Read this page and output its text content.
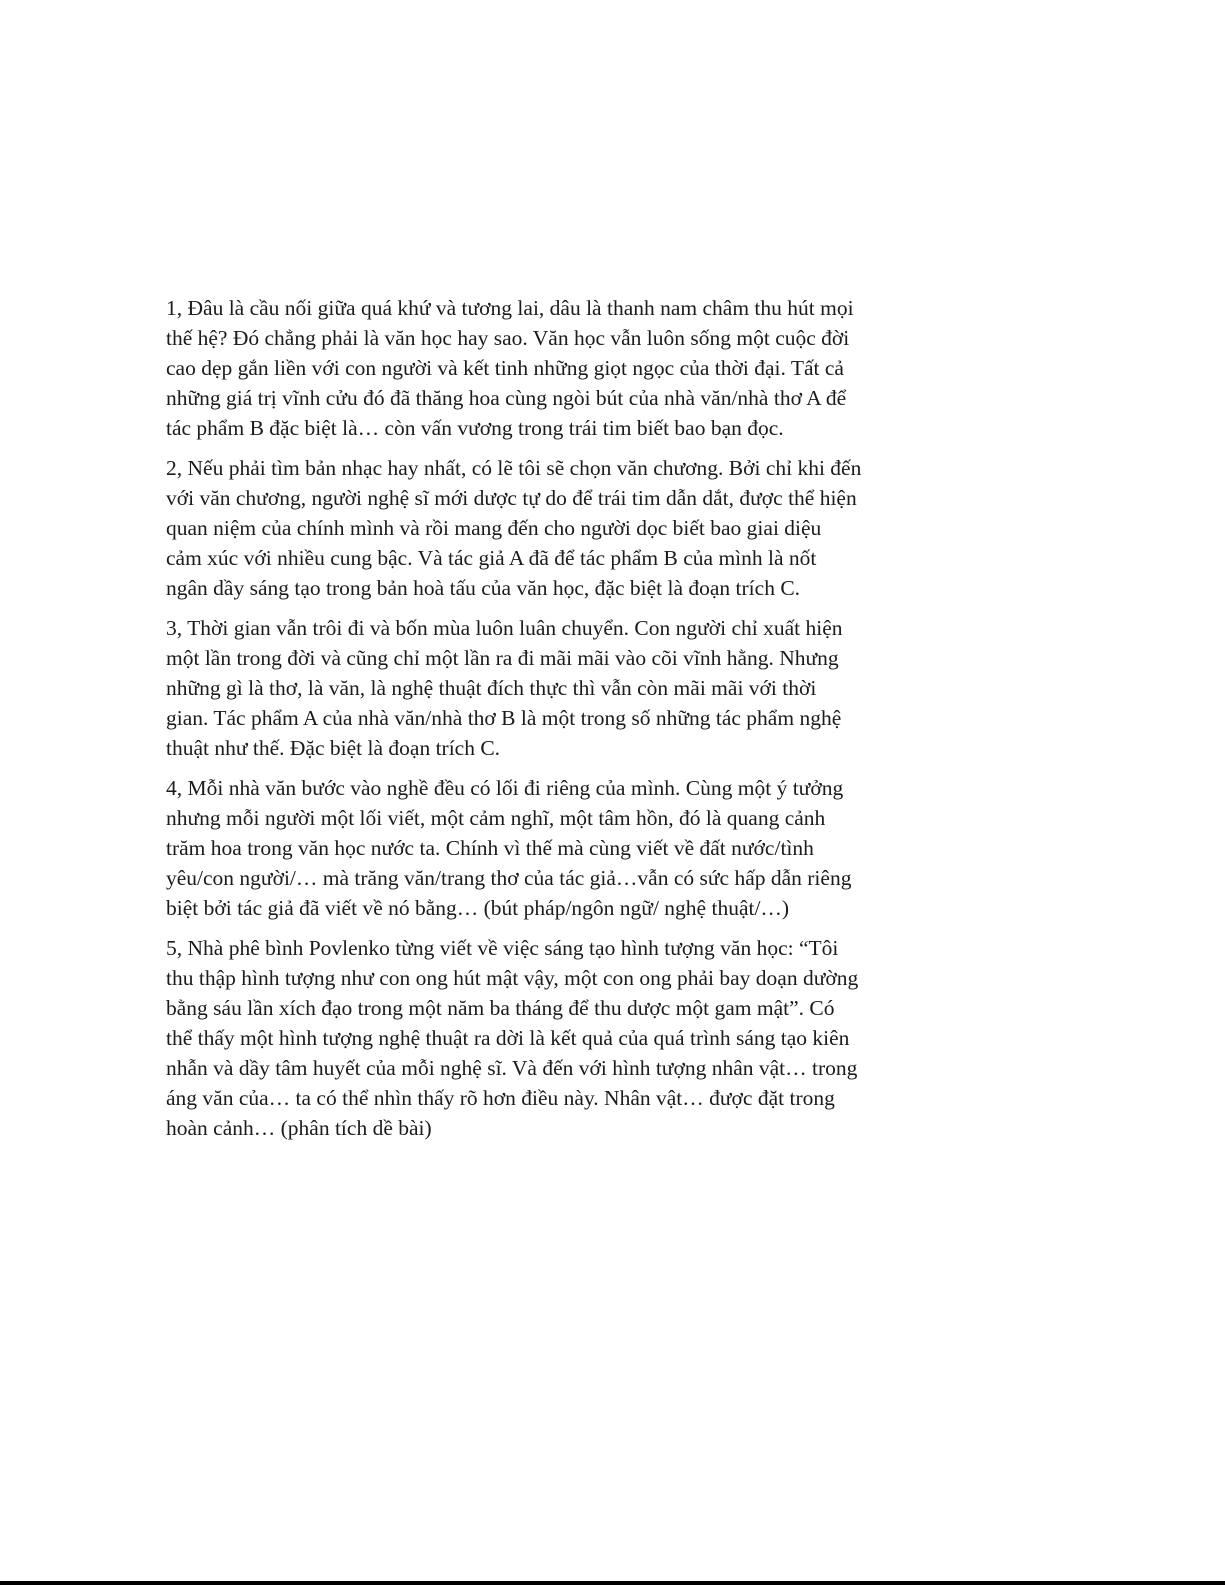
1, Đâu là cầu nối giữa quá khứ và tương lai, dâu là thanh nam châm thu hút mọi
thế hệ? Đó chẳng phải là văn học hay sao. Văn học vẫn luôn sống một cuộc đời
cao dẹp gắn liền với con người và kết tinh những giọt ngọc của thời đại. Tất cả
những giá trị vĩnh cửu đó đã thăng hoa cùng ngòi bút của nhà văn/nhà thơ A để
tác phẩm B đặc biệt là… còn vấn vương trong trái tim biết bao bạn đọc.

2, Nếu phải tìm bản nhạc hay nhất, có lẽ tôi sẽ chọn văn chương. Bởi chỉ khi đến
với văn chương, người nghệ sĩ mới dược tự do để trái tim dẫn dắt, được thể hiện
quan niệm của chính mình và rồi mang đến cho người dọc biết bao giai diệu
cảm xúc với nhiều cung bậc. Và tác giả A đã để tác phẩm B của mình là nốt
ngân dầy sáng tạo trong bản hoà tấu của văn học, đặc biệt là đoạn trích C.

3, Thời gian vẫn trôi đi và bốn mùa luôn luân chuyển. Con người chỉ xuất hiện
một lần trong đời và cũng chỉ một lần ra đi mãi mãi vào cõi vĩnh hằng. Nhưng
những gì là thơ, là văn, là nghệ thuật đích thực thì vẫn còn mãi mãi với thời
gian. Tác phẩm A của nhà văn/nhà thơ B là một trong số những tác phẩm nghệ
thuật như thế. Đặc biệt là đoạn trích C.

4, Mỗi nhà văn bước vào nghề đều có lối đi riêng của mình. Cùng một ý tưởng
nhưng mỗi người một lối viết, một cảm nghĩ, một tâm hồn, đó là quang cảnh
trăm hoa trong văn học nước ta. Chính vì thế mà cùng viết về đất nước/tình
yêu/con người/… mà trăng văn/trang thơ của tác giả…vẫn có sức hấp dẫn riêng
biệt bởi tác giả đã viết về nó bằng… (bút pháp/ngôn ngữ/ nghệ thuật/…)

5, Nhà phê bình Povlenko từng viết về việc sáng tạo hình tượng văn học: “Tôi
thu thập hình tượng như con ong hút mật vậy, một con ong phải bay doạn dường
bằng sáu lần xích đạo trong một năm ba tháng để thu dược một gam mật”. Có
thể thấy một hình tượng nghệ thuật ra dời là kết quả của quá trình sáng tạo kiên
nhẫn và dầy tâm huyết của mỗi nghệ sĩ. Và đến với hình tượng nhân vật… trong
áng văn của… ta có thể nhìn thấy rõ hơn điều này. Nhân vật… được đặt trong
hoàn cảnh… (phân tích dề bài)
